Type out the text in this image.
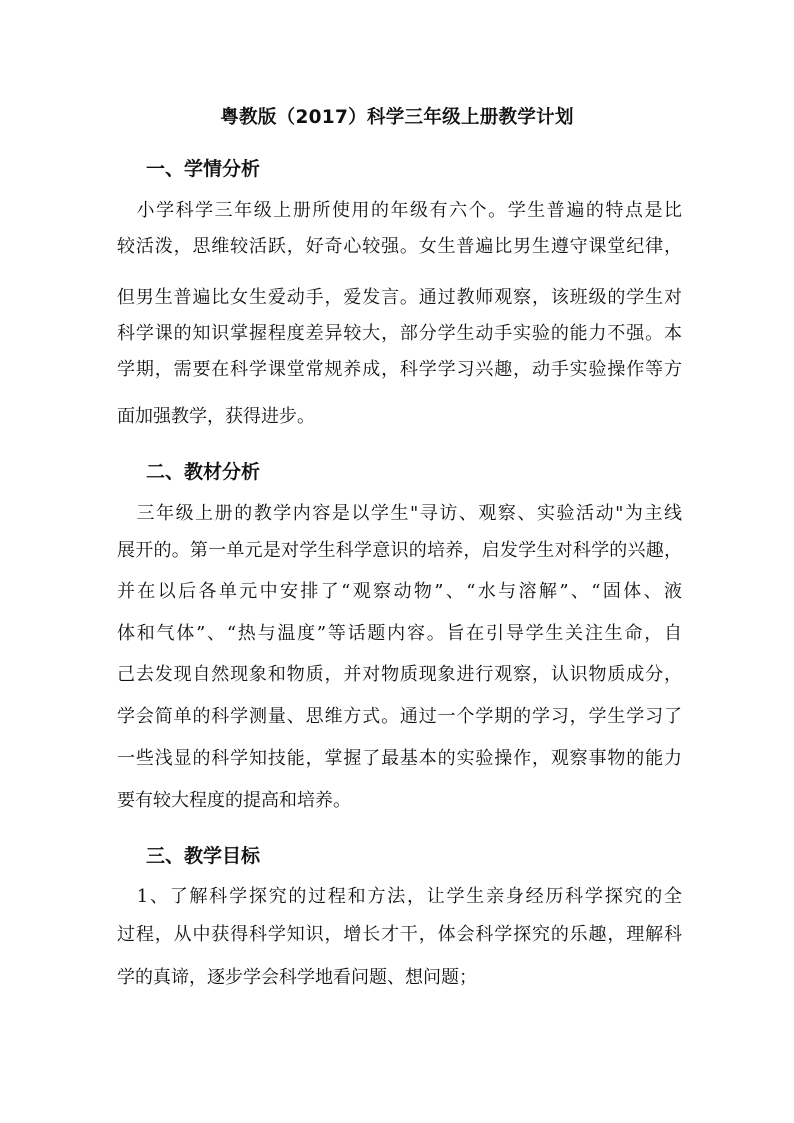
粤教版（2017）科学三年级上册教学计划
一、学情分析
　小学科学三年级上册所使用的年级有六个。学生普遍的特点是比
较活泼，思维较活跃，好奇心较强。女生普遍比男生遵守课堂纪律，
但男生普遍比女生爱动手，爱发言。通过教师观察，该班级的学生对
科学课的知识掌握程度差异较大，部分学生动手实验的能力不强。本
学期，需要在科学课堂常规养成，科学学习兴趣，动手实验操作等方
面加强教学，获得进步。
二、教材分析
　三年级上册的教学内容是以学生"寻访、观察、实验活动"为主线
展开的。第一单元是对学生科学意识的培养，启发学生对科学的兴趣，
并在以后各单元中安排了“观察动物”、“水与溶解”、“固体、液
体和气体”、“热与温度”等话题内容。旨在引导学生关注生命，自
己去发现自然现象和物质，并对物质现象进行观察，认识物质成分，
学会简单的科学测量、思维方式。通过一个学期的学习，学生学习了
一些浅显的科学知技能，掌握了最基本的实验操作，观察事物的能力
要有较大程度的提高和培养。
三、教学目标
　1、了解科学探究的过程和方法，让学生亲身经历科学探究的全
过程，从中获得科学知识，增长才干，体会科学探究的乐趣，理解科
学的真谛，逐步学会科学地看问题、想问题；
